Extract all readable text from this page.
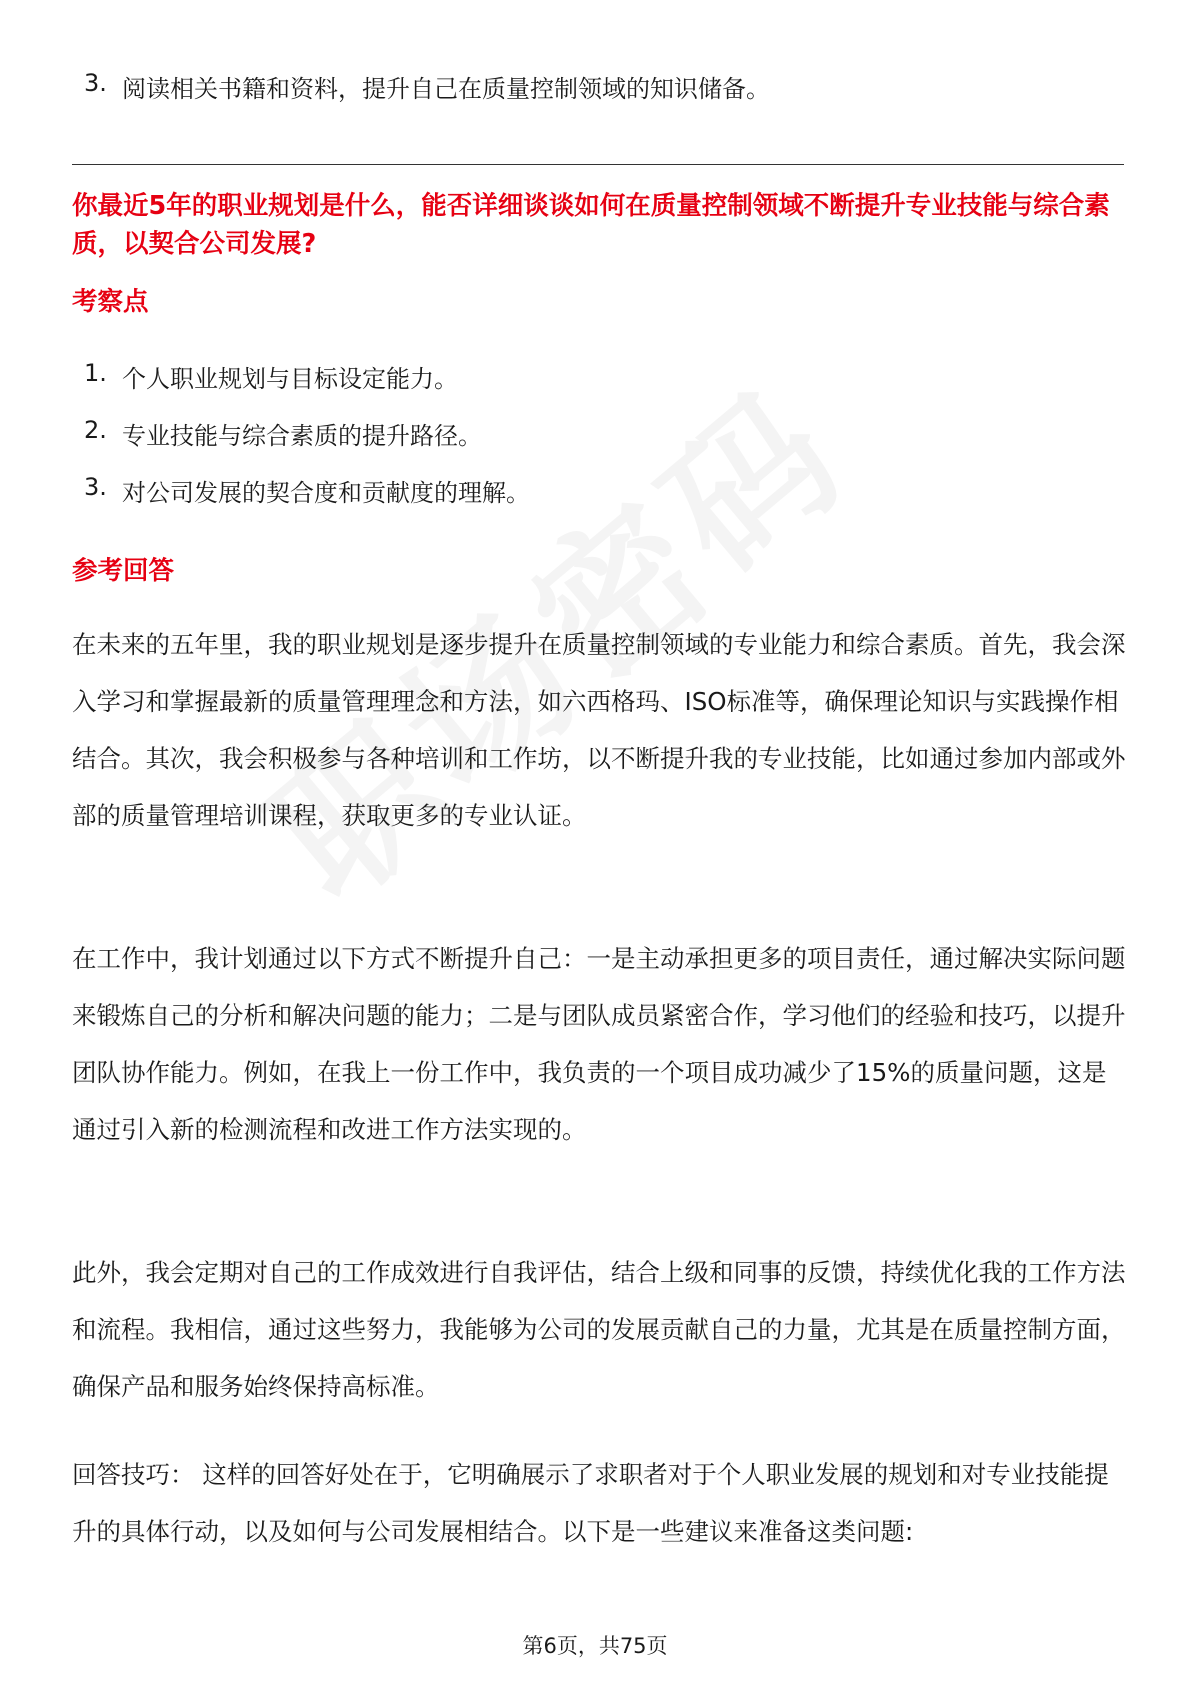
3. 阅读相关书籍和资料，提升自己在质量控制领域的知识储备。

你最近5年的职业规划是什么，能否详细谈谈如何在质量控制领域不断提升专业技能与综合素质，以契合公司发展?

考察点
1. 个人职业规划与目标设定能力。
2. 专业技能与综合素质的提升路径。
3. 对公司发展的契合度和贡献度的理解。
参考回答

在未来的五年里，我的职业规划是逐步提升在质量控制领域的专业能力和综合素质。首先，我会深入学习和掌握最新的质量管理理念和方法，如六西格玛、ISO标准等，确保理论知识与实践操作相结合。其次，我会积极参与各种培训和工作坊，以不断提升我的专业技能，比如通过参加内部或外部的质量管理培训课程，获取更多的专业认证。

在工作中，我计划通过以下方式不断提升自己：一是主动承担更多的项目责任，通过解决实际问题来锻炼自己的分析和解决问题的能力；二是与团队成员紧密合作，学习他们的经验和技巧，以提升团队协作能力。例如，在我上一份工作中，我负责的一个项目成功减少了15%的质量问题，这是通过引入新的检测流程和改进工作方法实现的。

此外，我会定期对自己的工作成效进行自我评估，结合上级和同事的反馈，持续优化我的工作方法和流程。我相信，通过这些努力，我能够为公司的发展贡献自己的力量，尤其是在质量控制方面，确保产品和服务始终保持高标准。

回答技巧： 这样的回答好处在于，它明确展示了求职者对于个人职业发展的规划和对专业技能提升的具体行动，以及如何与公司发展相结合。以下是一些建议来准备这类问题:

第6页，共75页
